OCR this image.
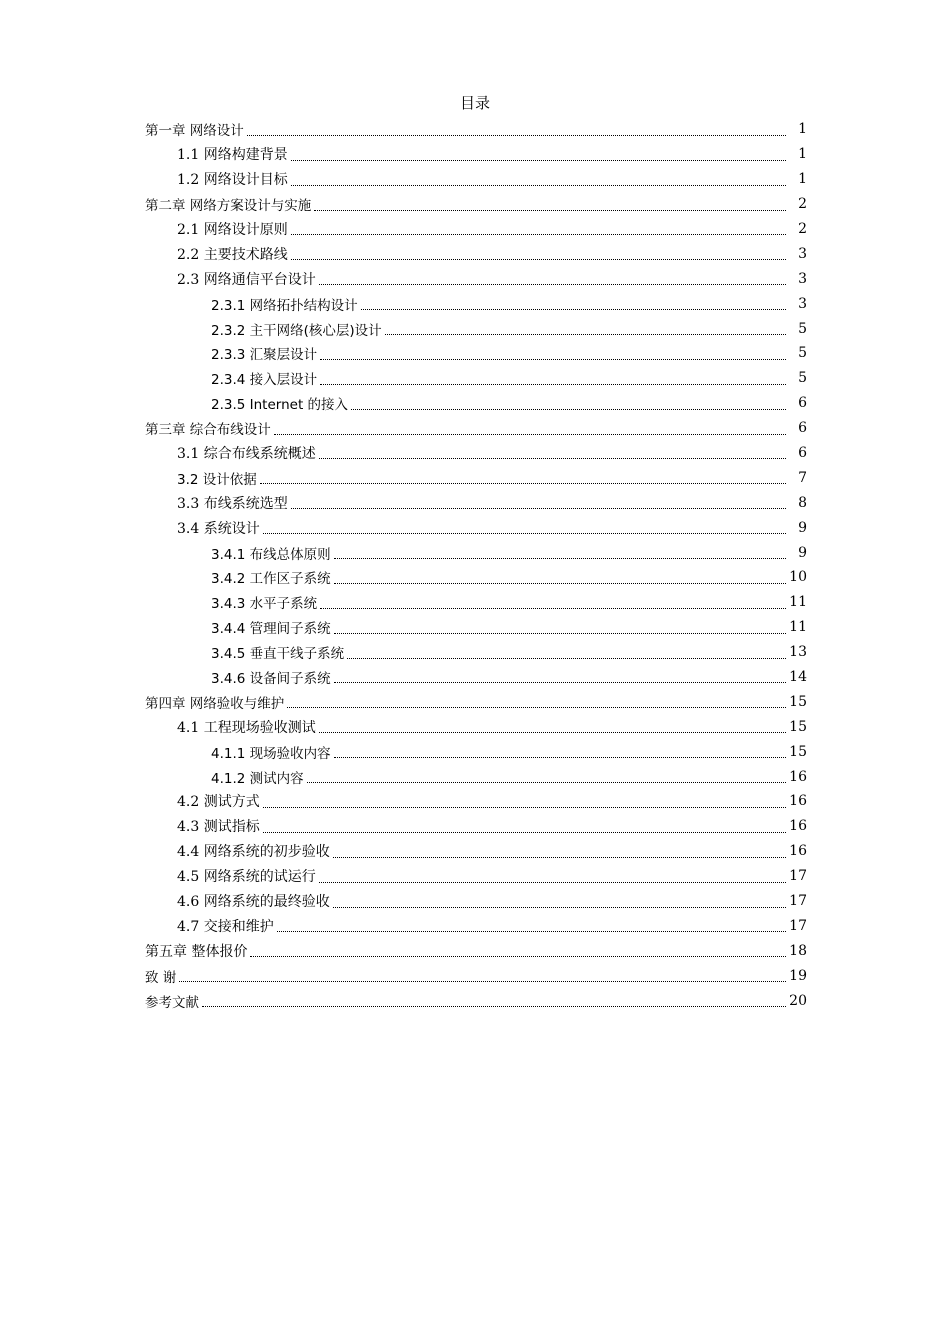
目录
第一章 网络设计	1
1.1 网络构建背景	1
1.2 网络设计目标	1
第二章 网络方案设计与实施	2
2.1 网络设计原则	2
2.2 主要技术路线	3
2.3 网络通信平台设计	3
2.3.1 网络拓扑结构设计	3
2.3.2 主干网络(核心层)设计	5
2.3.3 汇聚层设计	5
2.3.4 接入层设计	5
2.3.5 Internet 的接入	6
第三章 综合布线设计	6
3.1 综合布线系统概述	6
3.2 设计依据	7
3.3 布线系统选型	8
3.4 系统设计	9
3.4.1 布线总体原则	9
3.4.2 工作区子系统	10
3.4.3 水平子系统	11
3.4.4 管理间子系统	11
3.4.5 垂直干线子系统	13
3.4.6 设备间子系统	14
第四章 网络验收与维护	15
4.1 工程现场验收测试	15
4.1.1 现场验收内容	15
4.1.2 测试内容	16
4.2 测试方式	16
4.3 测试指标	16
4.4 网络系统的初步验收	16
4.5 网络系统的试运行	17
4.6 网络系统的最终验收	17
4.7 交接和维护	17
第五章 整体报价	18
致 谢	19
参考文献	20
